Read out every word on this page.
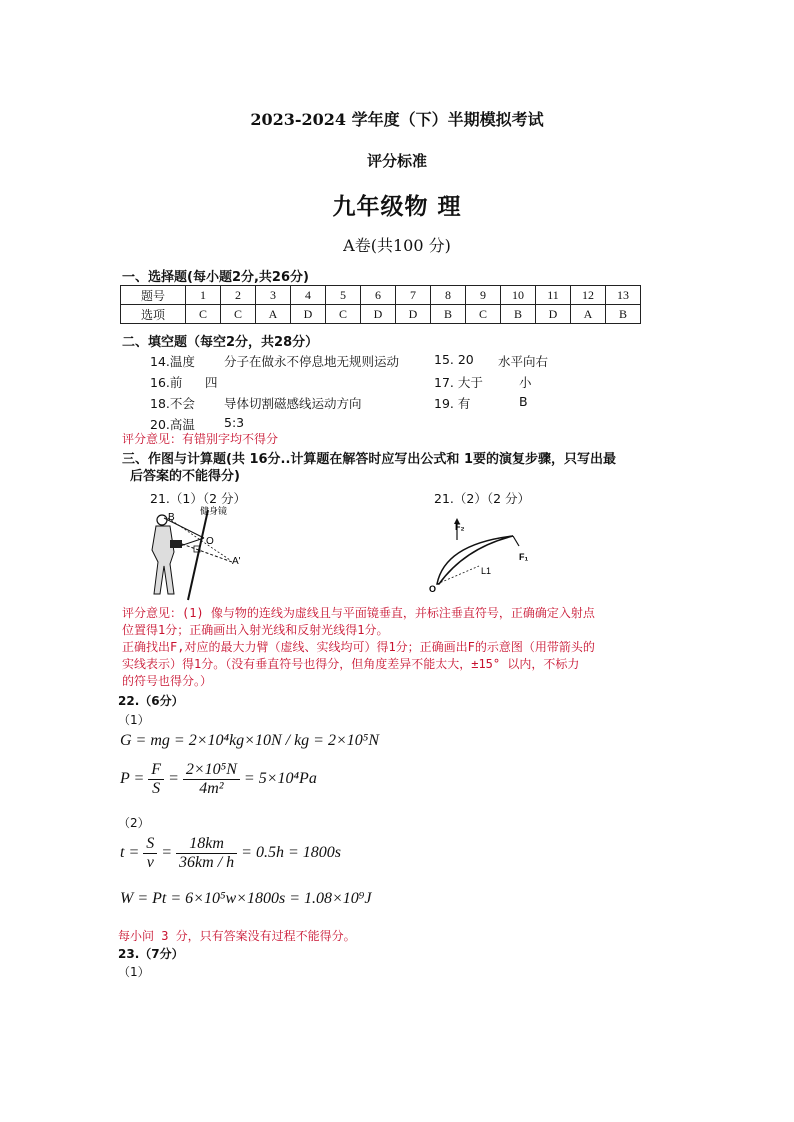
2023-2024 学年度（下）半期模拟考试
评分标准
九年级物 理
A卷(共100 分)
一、选择题(每小题2分,共26分)
题号	1	2	3	4	5	6	7	8	9	10	11	12	13
选项	C	C	A	D	C	D	D	B	C	B	D	A	B
二、填空题（每空2分，共28分）
14.温度 分子在做永不停息地无规则运动	15. 20 水平向右
16.前 四	17. 大于	小
18.不会 导体切割磁感线运动方向	19. 有	B
20.高温 5:3
评分意见：有错别字均不得分
三、作图与计算题(共 16分..计算题在解答时应写出公式和 1要的演复步骤，只写出最
后答案的不能得分)
21.（1）（2 分）	21.（2）（2 分）
B	健身镜
O
A'
F₂
F₁
L1
O
评分意见：(1) 像与物的连线为虚线且与平面镜垂直，并标注垂直符号，正确确定入射点
位置得1分；正确画出入射光线和反射光线得1分。
正确找出F,对应的最大力臂（虚线、实线均可）得1分；正确画出F的示意图（用带箭头的
实线表示）得1分。（没有垂直符号也得分，但角度差异不能太大，±15° 以内，不标力
的符号也得分。）
22.（6分）
（1）
G = mg = 2×10⁴kg×10N / kg = 2×10⁵N
$P = \frac{F}{S} = \frac{\text{2×10⁵N}}{\text{4m²}} = 5\times 10^4Pa$
（2）
$t = \frac{S}{v} = \frac{18km}{36km / h} = 0.5h = 1800s$
W = Pt = 6×10⁵w×1800s = 1.08×10⁹J
每小问 3 分，只有答案没有过程不能得分。
23.（7分）
（1）
